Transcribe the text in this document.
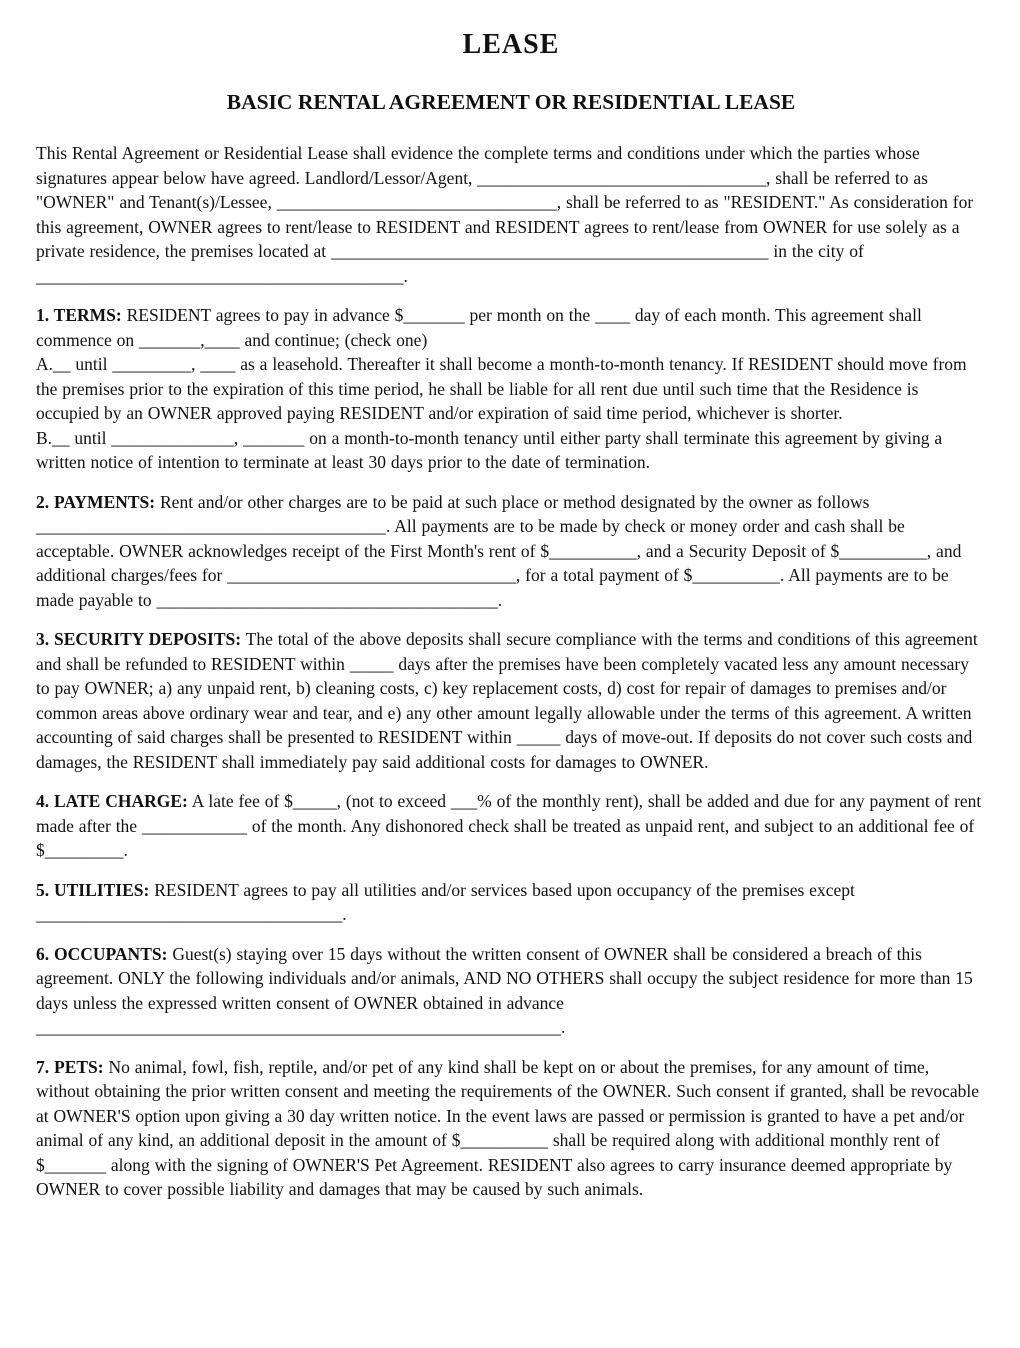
LEASE
BASIC RENTAL AGREEMENT OR RESIDENTIAL LEASE

This Rental Agreement or Residential Lease shall evidence the complete terms and conditions under which the parties whose signatures appear below have agreed. Landlord/Lessor/Agent, _________________________________, shall be referred to as "OWNER" and Tenant(s)/Lessee, ________________________________, shall be referred to as "RESIDENT." As consideration for this agreement, OWNER agrees to rent/lease to RESIDENT and RESIDENT agrees to rent/lease from OWNER for use solely as a private residence, the premises located at __________________________________________________ in the city of __________________________________________.

1. TERMS: RESIDENT agrees to pay in advance $_______ per month on the ____ day of each month. This agreement shall commence on _______,____ and continue; (check one)
A.__ until _________, ____ as a leasehold. Thereafter it shall become a month-to-month tenancy. If RESIDENT should move from the premises prior to the expiration of this time period, he shall be liable for all rent due until such time that the Residence is occupied by an OWNER approved paying RESIDENT and/or expiration of said time period, whichever is shorter.
B.__ until ______________, _______ on a month-to-month tenancy until either party shall terminate this agreement by giving a written notice of intention to terminate at least 30 days prior to the date of termination.

2. PAYMENTS: Rent and/or other charges are to be paid at such place or method designated by the owner as follows ________________________________________. All payments are to be made by check or money order and cash shall be acceptable. OWNER acknowledges receipt of the First Month's rent of $__________, and a Security Deposit of $__________, and additional charges/fees for _________________________________, for a total payment of $__________. All payments are to be made payable to _______________________________________.

3. SECURITY DEPOSITS: The total of the above deposits shall secure compliance with the terms and conditions of this agreement and shall be refunded to RESIDENT within _____ days after the premises have been completely vacated less any amount necessary to pay OWNER; a) any unpaid rent, b) cleaning costs, c) key replacement costs, d) cost for repair of damages to premises and/or common areas above ordinary wear and tear, and e) any other amount legally allowable under the terms of this agreement. A written accounting of said charges shall be presented to RESIDENT within _____ days of move-out. If deposits do not cover such costs and damages, the RESIDENT shall immediately pay said additional costs for damages to OWNER.

4. LATE CHARGE: A late fee of $_____, (not to exceed ___% of the monthly rent), shall be added and due for any payment of rent made after the ____________ of the month. Any dishonored check shall be treated as unpaid rent, and subject to an additional fee of $_________.

5. UTILITIES: RESIDENT agrees to pay all utilities and/or services based upon occupancy of the premises except ___________________________________.

6. OCCUPANTS: Guest(s) staying over 15 days without the written consent of OWNER shall be considered a breach of this agreement. ONLY the following individuals and/or animals, AND NO OTHERS shall occupy the subject residence for more than 15 days unless the expressed written consent of OWNER obtained in advance ____________________________________________________________.

7. PETS: No animal, fowl, fish, reptile, and/or pet of any kind shall be kept on or about the premises, for any amount of time, without obtaining the prior written consent and meeting the requirements of the OWNER. Such consent if granted, shall be revocable at OWNER'S option upon giving a 30 day written notice. In the event laws are passed or permission is granted to have a pet and/or animal of any kind, an additional deposit in the amount of $__________ shall be required along with additional monthly rent of $_______ along with the signing of OWNER'S Pet Agreement. RESIDENT also agrees to carry insurance deemed appropriate by OWNER to cover possible liability and damages that may be caused by such animals.
